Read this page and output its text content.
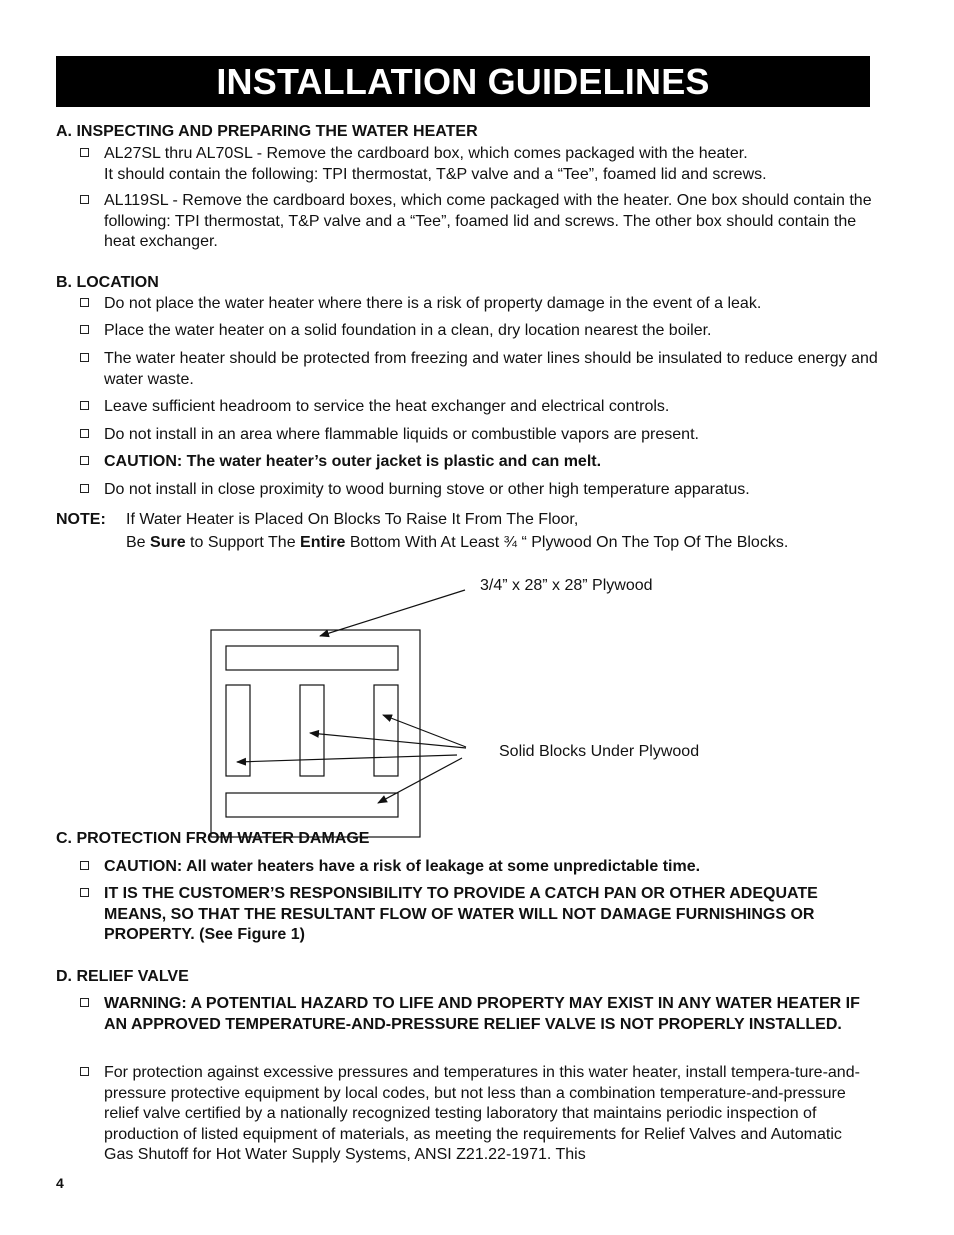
INSTALLATION GUIDELINES
A. INSPECTING AND PREPARING THE WATER HEATER
AL27SL thru AL70SL - Remove the cardboard box, which comes packaged with the heater.
It should contain the following: TPI thermostat, T&P valve and a “Tee”, foamed lid and screws.
AL119SL - Remove the cardboard boxes, which come packaged with the heater. One box should contain the following: TPI thermostat, T&P valve and a “Tee”, foamed lid and screws. The other box should contain the heat exchanger.
B. LOCATION
Do not place the water heater where there is a risk of property damage in the event of a leak.
Place the water heater on a solid foundation in a clean, dry location nearest the boiler.
The water heater should be protected from freezing and water lines should be insulated to reduce energy and water waste.
Leave sufficient headroom to service the heat exchanger and electrical controls.
Do not install in an area where flammable liquids or combustible vapors are present.
CAUTION: The water heater’s outer jacket is plastic and can melt.
Do not install in close proximity to wood burning stove or other high temperature apparatus.
NOTE: If Water Heater is Placed On Blocks To Raise It From The Floor,
Be Sure to Support The Entire Bottom With At Least ¾ “ Plywood On The Top Of The Blocks.
3/4” x 28” x 28” Plywood
Solid Blocks Under Plywood
C. PROTECTION FROM WATER DAMAGE
CAUTION: All water heaters have a risk of leakage at some unpredictable time.
IT IS THE CUSTOMER’S RESPONSIBILITY TO PROVIDE A CATCH PAN OR OTHER ADEQUATE MEANS, SO THAT THE RESULTANT FLOW OF WATER WILL NOT DAMAGE FURNISHINGS OR PROPERTY. (See Figure 1)
D. RELIEF VALVE
WARNING: A POTENTIAL HAZARD TO LIFE AND PROPERTY MAY EXIST IN ANY WATER HEATER IF AN APPROVED TEMPERATURE-AND-PRESSURE RELIEF VALVE IS NOT PROPERLY INSTALLED.
For protection against excessive pressures and temperatures in this water heater, install tempera-ture-and-pressure protective equipment by local codes, but not less than a combination temperature-and-pressure relief valve certified by a nationally recognized testing laboratory that maintains periodic inspection of production of listed equipment of materials, as meeting the requirements for Relief Valves and Automatic Gas Shutoff for Hot Water Supply Systems, ANSI Z21.22-1971. This
4
